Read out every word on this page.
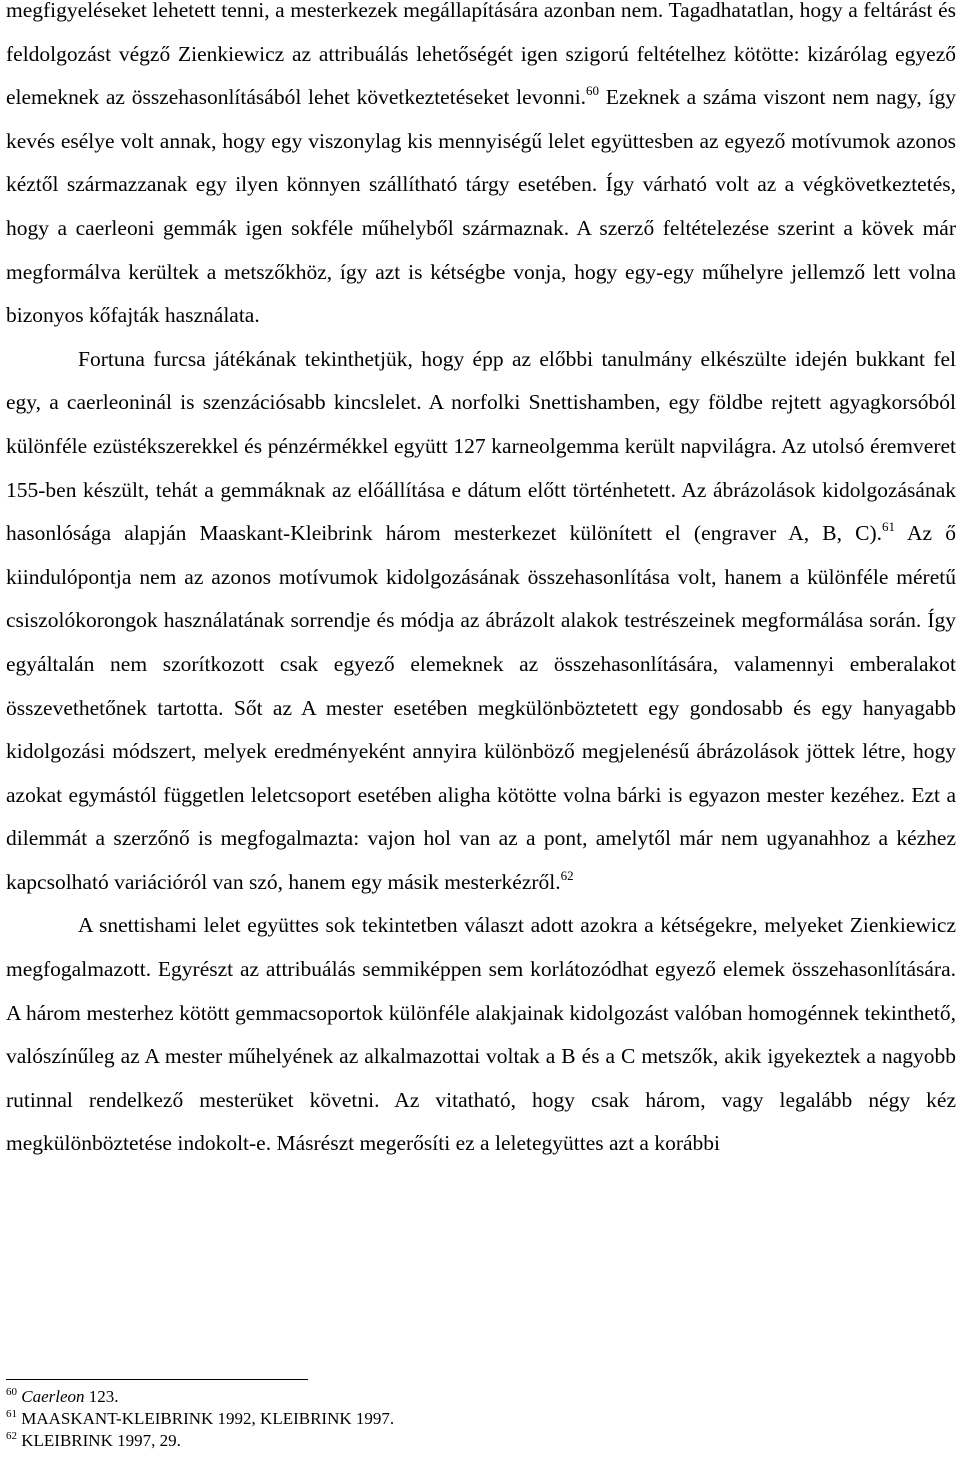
megfigyeléseket lehetett tenni, a mesterkezek megállapítására azonban nem. Tagadhatatlan, hogy a feltárást és feldolgozást végző Zienkiewicz az attribuálás lehetőségét igen szigorú feltételhez kötötte: kizárólag egyező elemeknek az összehasonlításából lehet következtetéseket levonni.$^{60}$ Ezeknek a száma viszont nem nagy, így kevés esélye volt annak, hogy egy viszonylag kis mennyiségű lelet együttesben az egyező motívumok azonos kéztől származzanak egy ilyen könnyen szállítható tárgy esetében. Így várható volt az a végkövetkeztetés, hogy a caerleoni gemmák igen sokféle műhelyből származnak. A szerző feltételezése szerint a kövek már megformálva kerültek a metszőkhöz, így azt is kétségbe vonja, hogy egy-egy műhelyre jellemző lett volna bizonyos kőfajták használata.

Fortuna furcsa játékának tekinthetjük, hogy épp az előbbi tanulmány elkészülte idején bukkant fel egy, a caerleoninál is szenzációsabb kincslelet. A norfolki Snettishamben, egy földbe rejtett agyagkorsóból különféle ezüstékszerekkel és pénzérmékkel együtt 127 karneolgemma került napvilágra. Az utolsó éremveret 155-ben készült, tehát a gemmáknak az előállítása e dátum előtt történhetett. Az ábrázolások kidolgozásának hasonlósága alapján Maaskant-Kleibrink három mesterkezet különített el (engraver A, B, C).$^{61}$ Az ő kiindulópontja nem az azonos motívumok kidolgozásának összehasonlítása volt, hanem a különféle méretű csiszolókorongok használatának sorrendje és módja az ábrázolt alakok testrészeinek megformálása során. Így egyáltalán nem szorítkozott csak egyező elemeknek az összehasonlítására, valamennyi emberalakot összevethetőnek tartotta. Sőt az A mester esetében megkülönböztetett egy gondosabb és egy hanyagabb kidolgozási módszert, melyek eredményeként annyira különböző megjelenésű ábrázolások jöttek létre, hogy azokat egymástól független leletcsoport esetében aligha kötötte volna bárki is egyazon mester kezéhez. Ezt a dilemmát a szerzőnő is megfogalmazta: vajon hol van az a pont, amelytől már nem ugyanahhoz a kézhez kapcsolható variációról van szó, hanem egy másik mesterkézről.$^{62}$

A snettishami lelet együttes sok tekintetben választ adott azokra a kétségekre, melyeket Zienkiewicz megfogalmazott. Egyrészt az attribuálás semmiképpen sem korlátozódhat egyező elemek összehasonlítására. A három mesterhez kötött gemmacsoportok különféle alakjainak kidolgozást valóban homogénnek tekinthető, valószínűleg az A mester műhelyének az alkalmazottai voltak a B és a C metszők, akik igyekeztek a nagyobb rutinnal rendelkező mesterüket követni. Az vitatható, hogy csak három, vagy legalább négy kéz megkülönböztetése indokolt-e. Másrészt megerősíti ez a leletegyüttes azt a korábbi

$^{60}$ Caerleon 123.

$^{61}$ MAASKANT-KLEIBRINK 1992, KLEIBRINK 1997.

$^{62}$ KLEIBRINK 1997, 29.
